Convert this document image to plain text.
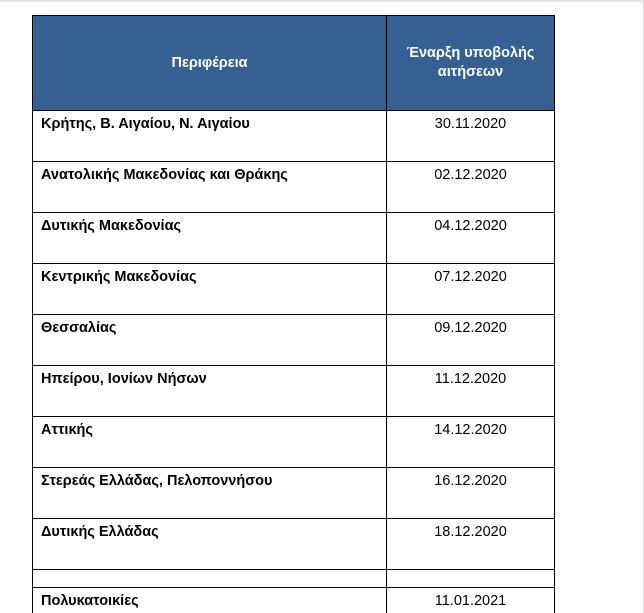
Περιφέρεια	Έναρξη υποβολής αιτήσεων

Κρήτης, Β. Αιγαίου, Ν. Αιγαίου	30.11.2020
Ανατολικής Μακεδονίας και Θράκης	02.12.2020
Δυτικής Μακεδονίας	04.12.2020
Κεντρικής Μακεδονίας	07.12.2020
Θεσσαλίας	09.12.2020
Ηπείρου, Ιονίων Νήσων	11.12.2020
Αττικής	14.12.2020
Στερεάς Ελλάδας, Πελοποννήσου	16.12.2020
Δυτικής Ελλάδας	18.12.2020

Πολυκατοικίες	11.01.2021
